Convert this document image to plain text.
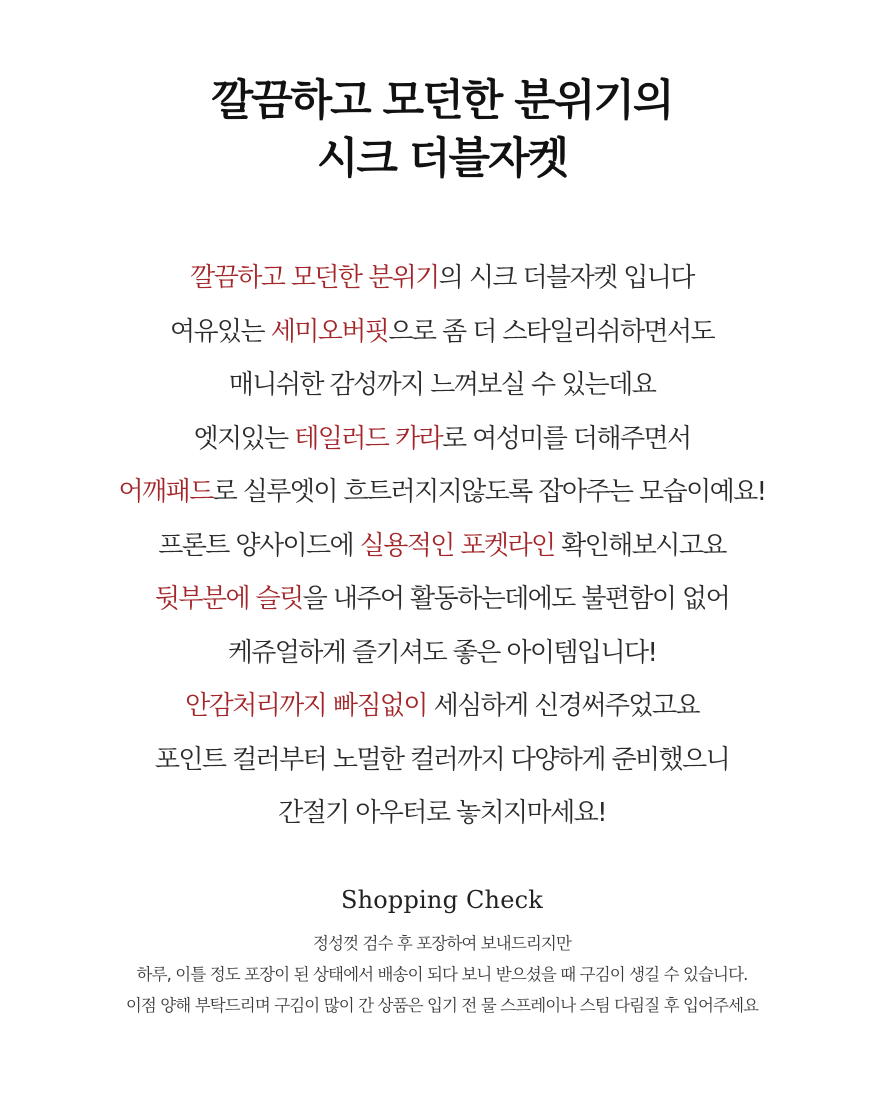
깔끔하고 모던한 분위기의
시크 더블자켓
깔끔하고 모던한 분위기의 시크 더블자켓 입니다
여유있는 세미오버핏으로 좀 더 스타일리쉬하면서도
매니쉬한 감성까지 느껴보실 수 있는데요
엣지있는 테일러드 카라로 여성미를 더해주면서
어깨패드로 실루엣이 흐트러지지않도록 잡아주는 모습이예요!
프론트 양사이드에 실용적인 포켓라인 확인해보시고요
뒷부분에 슬릿을 내주어 활동하는데에도 불편함이 없어
케쥬얼하게 즐기셔도 좋은 아이템입니다!
안감처리까지 빠짐없이 세심하게 신경써주었고요
포인트 컬러부터 노멀한 컬러까지 다양하게 준비했으니
간절기 아우터로 놓치지마세요!
Shopping Check
정성껏 검수 후 포장하여 보내드리지만
하루, 이틀 정도 포장이 된 상태에서 배송이 되다 보니 받으셨을 때 구김이 생길 수 있습니다.
이점 양해 부탁드리며 구김이 많이 간 상품은 입기 전 물 스프레이나 스팀 다림질 후 입어주세요
